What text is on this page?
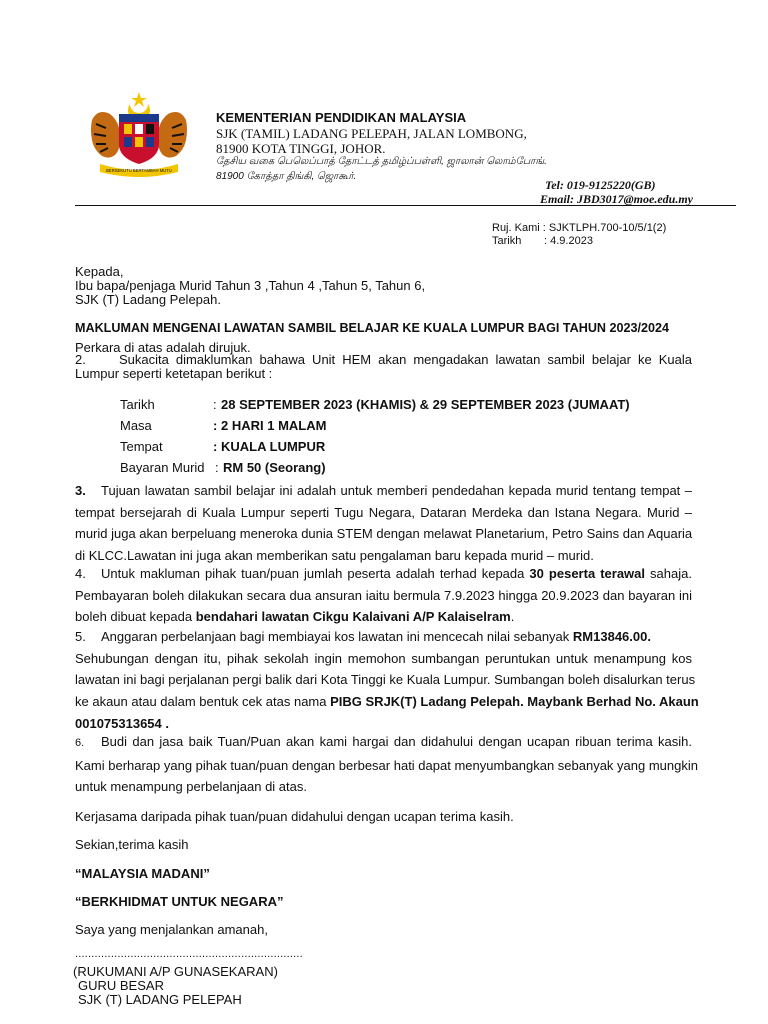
BERSEKUTU BERTAMBAH MUTU
KEMENTERIAN PENDIDIKAN MALAYSIA
SJK (TAMIL) LADANG PELEPAH, JALAN LOMBONG,
81900 KOTA TINGGI, JOHOR.
தேசிய வகை பெலெப்பாத் தோட்டத் தமிழ்ப்பள்ளி, ஜாலான் லொம்போங்.
81900 கோத்தா திங்கி, ஜொகூர்.
Tel: 019-9125220(GB)
Email: JBD3017@moe.edu.my
Ruj. Kami : SJKTLPH.700-10/5/1(2)
Tarikh : 4.9.2023
Kepada,
Ibu bapa/penjaga Murid Tahun 3 ,Tahun 4 ,Tahun 5, Tahun 6,
SJK (T) Ladang Pelepah.
MAKLUMAN MENGENAI LAWATAN SAMBIL BELAJAR KE KUALA LUMPUR BAGI TAHUN 2023/2024
Perkara di atas adalah dirujuk.
2.	Sukacita dimaklumkan bahawa Unit HEM akan mengadakan lawatan sambil belajar ke Kuala
Lumpur seperti ketetapan berikut :
Tarikh	: 28 SEPTEMBER 2023 (KHAMIS) & 29 SEPTEMBER 2023 (JUMAAT)
Masa	: 2 HARI 1 MALAM
Tempat	: KUALA LUMPUR
Bayaran Murid : RM 50 (Seorang)
3. Tujuan lawatan sambil belajar ini adalah untuk memberi pendedahan kepada murid tentang tempat –
tempat bersejarah di Kuala Lumpur seperti Tugu Negara, Dataran Merdeka dan Istana Negara. Murid –
murid juga akan berpeluang meneroka dunia STEM dengan melawat Planetarium, Petro Sains dan Aquaria
di KLCC.Lawatan ini juga akan memberikan satu pengalaman baru kepada murid – murid.
4. Untuk makluman pihak tuan/puan jumlah peserta adalah terhad kepada 30 peserta terawal sahaja.
Pembayaran boleh dilakukan secara dua ansuran iaitu bermula 7.9.2023 hingga 20.9.2023 dan bayaran ini
boleh dibuat kepada bendahari lawatan Cikgu Kalaivani A/P Kalaiselram.
5. Anggaran perbelanjaan bagi membiayai kos lawatan ini mencecah nilai sebanyak RM13846.00.
Sehubungan dengan itu, pihak sekolah ingin memohon sumbangan peruntukan untuk menampung kos
lawatan ini bagi perjalanan pergi balik dari Kota Tinggi ke Kuala Lumpur. Sumbangan boleh disalurkan terus
ke akaun atau dalam bentuk cek atas nama PIBG SRJK(T) Ladang Pelepah. Maybank Berhad No. Akaun
001075313654 .
6. Budi dan jasa baik Tuan/Puan akan kami hargai dan didahului dengan ucapan ribuan terima kasih.
Kami berharap yang pihak tuan/puan dengan berbesar hati dapat menyumbangkan sebanyak yang mungkin
untuk menampung perbelanjaan di atas.
Kerjasama daripada pihak tuan/puan didahului dengan ucapan terima kasih.
Sekian,terima kasih
“MALAYSIA MADANI”
“BERKHIDMAT UNTUK NEGARA”
Saya yang menjalankan amanah,
......................................................................
(RUKUMANI A/P GUNASEKARAN)
GURU BESAR
SJK (T) LADANG PELEPAH
